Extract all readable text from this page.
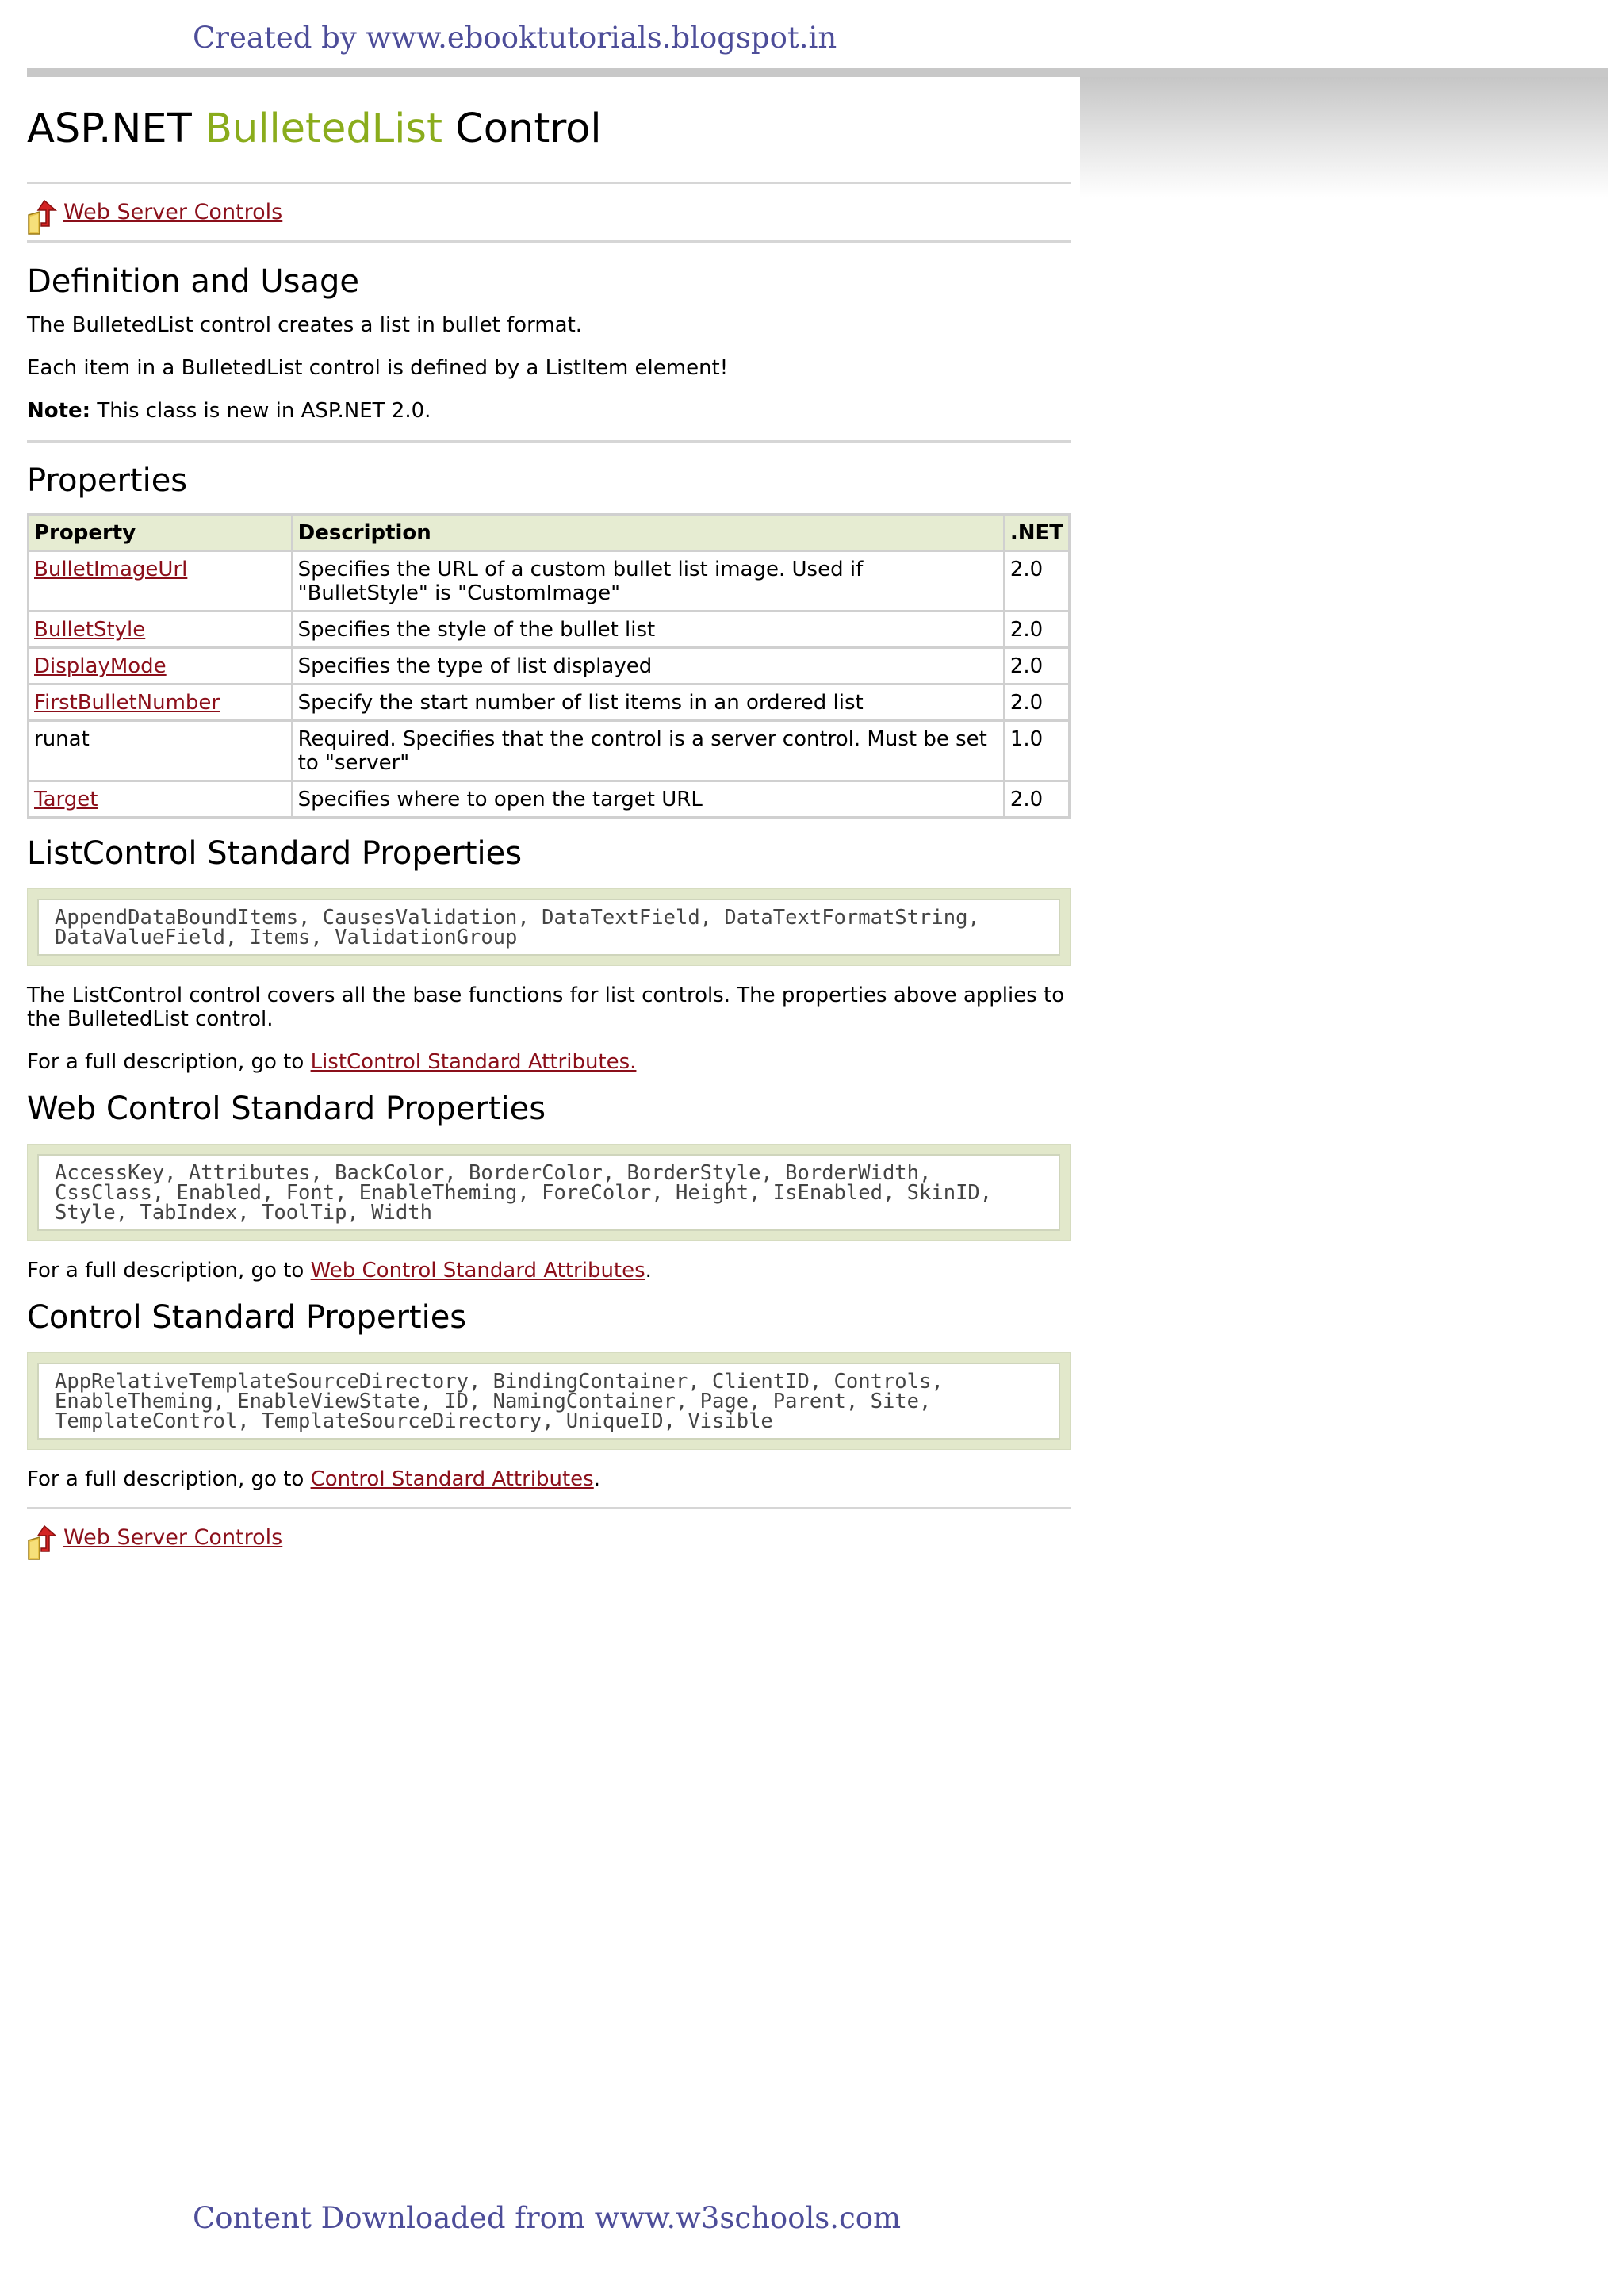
Created by www.ebooktutorials.blogspot.in
Content Downloaded from www.w3schools.com
ASP.NET BulletedList Control
Web Server Controls
Definition and Usage

The BulletedList control creates a list in bullet format.

Each item in a BulletedList control is defined by a ListItem element!

Note: This class is new in ASP.NET 2.0.

Properties
Property	Description	.NET
BulletImageUrl	Specifies the URL of a custom bullet list image. Used if "BulletStyle" is "CustomImage"	2.0
BulletStyle	Specifies the style of the bullet list	2.0
DisplayMode	Specifies the type of list displayed	2.0
FirstBulletNumber	Specify the start number of list items in an ordered list	2.0
runat	Required. Specifies that the control is a server control. Must be set to "server"	1.0
Target	Specifies where to open the target URL	2.0
ListControl Standard Properties
AppendDataBoundItems, CausesValidation, DataTextField, DataTextFormatString,
DataValueField, Items, ValidationGroup

The ListControl control covers all the base functions for list controls. The properties above applies to the BulletedList control.

For a full description, go to ListControl Standard Attributes.

Web Control Standard Properties
AccessKey, Attributes, BackColor, BorderColor, BorderStyle, BorderWidth,
CssClass, Enabled, Font, EnableTheming, ForeColor, Height, IsEnabled, SkinID,
Style, TabIndex, ToolTip, Width

For a full description, go to Web Control Standard Attributes.

Control Standard Properties
AppRelativeTemplateSourceDirectory, BindingContainer, ClientID, Controls,
EnableTheming, EnableViewState, ID, NamingContainer, Page, Parent, Site,
TemplateControl, TemplateSourceDirectory, UniqueID, Visible

For a full description, go to Control Standard Attributes.

Web Server Controls
